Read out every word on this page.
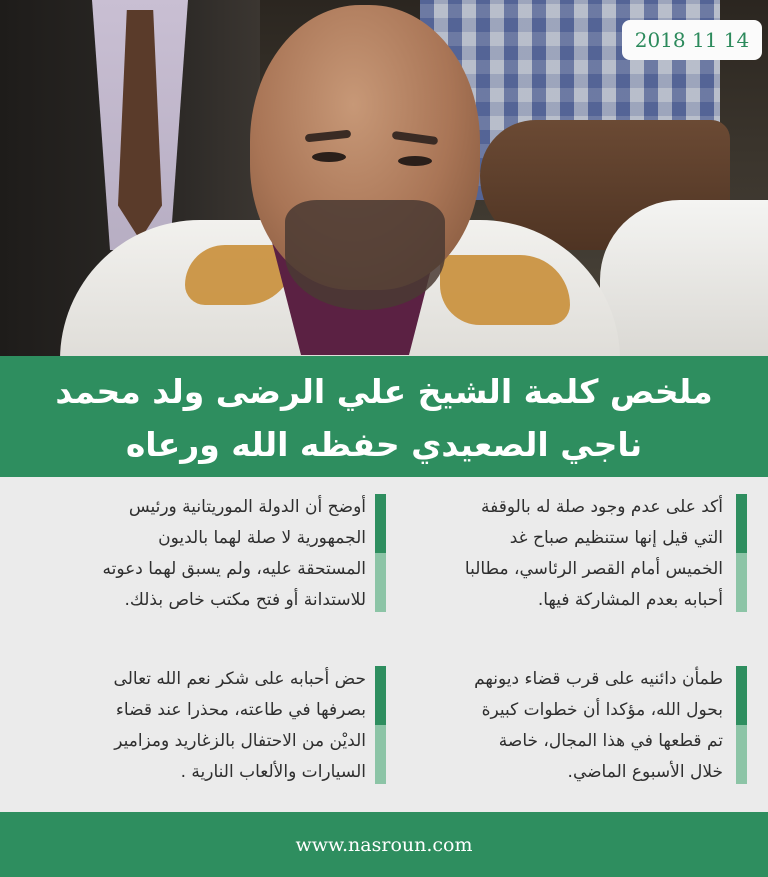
2018 11 14
ملخص كلمة الشيخ علي الرضى ولد محمد
ناجي الصعيدي حفظه الله ورعاه
أكد على عدم وجود صلة له بالوقفة
التي قيل إنها ستنظيم صباح غد
الخميس أمام القصر الرئاسي، مطالبا
أحبابه بعدم المشاركة فيها.
أوضح أن الدولة الموريتانية ورئيس
الجمهورية لا صلة لهما بالديون
المستحقة عليه، ولم يسبق لهما دعوته
للاستدانة أو فتح مكتب خاص بذلك.
طمأن دائنيه على قرب قضاء ديونهم
بحول الله، مؤكدا أن خطوات كبيرة
تم قطعها في هذا المجال، خاصة
خلال الأسبوع الماضي.
حض أحبابه على شكر نعم الله تعالى
بصرفها في طاعته، محذرا عند قضاء
الديْن من الاحتفال بالزغاريد ومزامير
السيارات والألعاب النارية .
www.nasroun.com
